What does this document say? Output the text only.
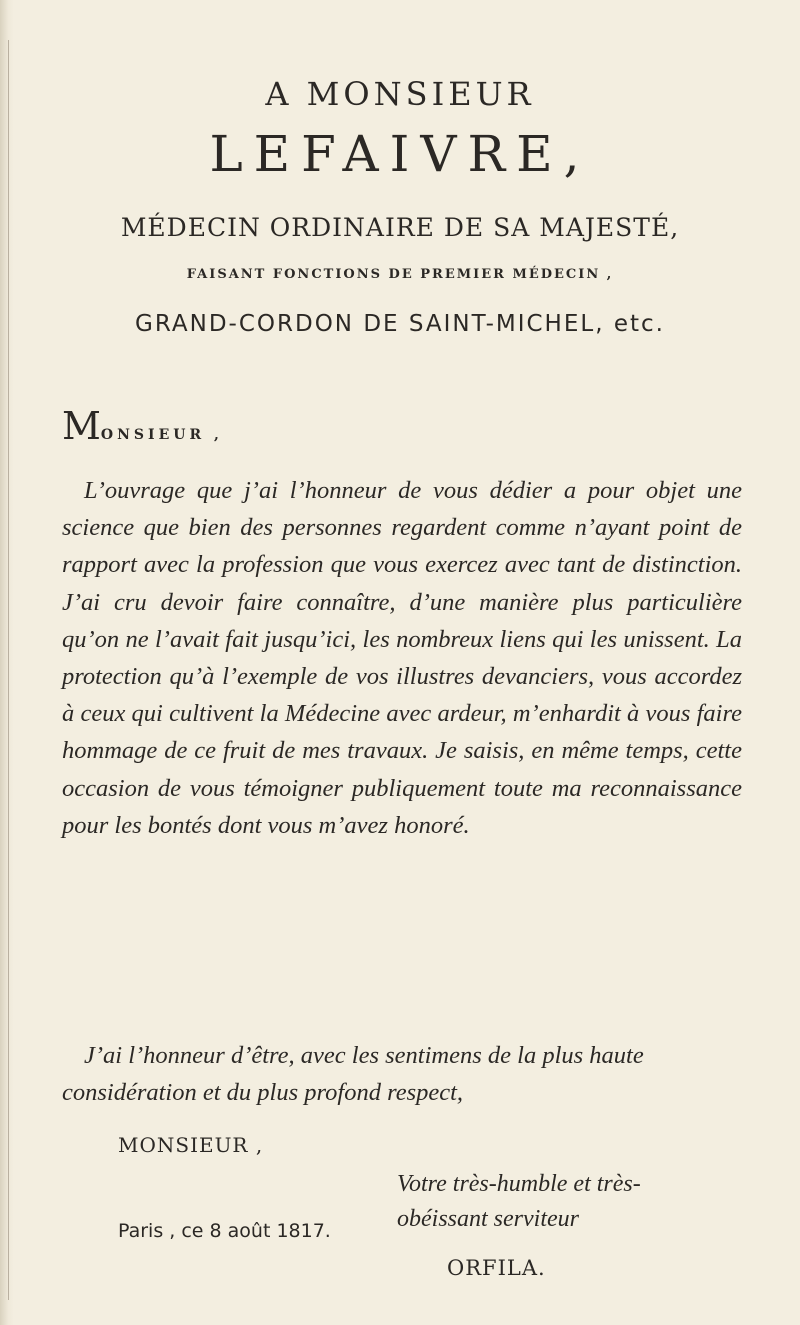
A MONSIEUR
LEFAIVRE,
MÉDECIN ORDINAIRE DE SA MAJESTÉ,
FAISANT FONCTIONS DE PREMIER MÉDECIN ,
GRAND-CORDON DE SAINT-MICHEL, etc.
MONSIEUR ,

L’ouvrage que j’ai l’honneur de vous dédier a pour objet une science que bien des personnes regardent comme n’ayant point de rapport avec la profession que vous exercez avec tant de distinction. J’ai cru devoir faire connaître, d’une manière plus particulière qu’on ne l’avait fait jusqu’ici, les nombreux liens qui les unissent. La protection qu’à l’exemple de vos illustres devanciers, vous accordez à ceux qui cultivent la Médecine avec ardeur, m’enhardit à vous faire hommage de ce fruit de mes travaux. Je saisis, en même temps, cette occasion de vous témoigner publiquement toute ma reconnaissance pour les bontés dont vous m’avez honoré.

J’ai l’honneur d’être, avec les sentimens de la plus haute considération et du plus profond respect,

MONSIEUR ,
Votre très-humble et très-obéissant serviteur
Paris , ce 8 août 1817.
ORFILA.
